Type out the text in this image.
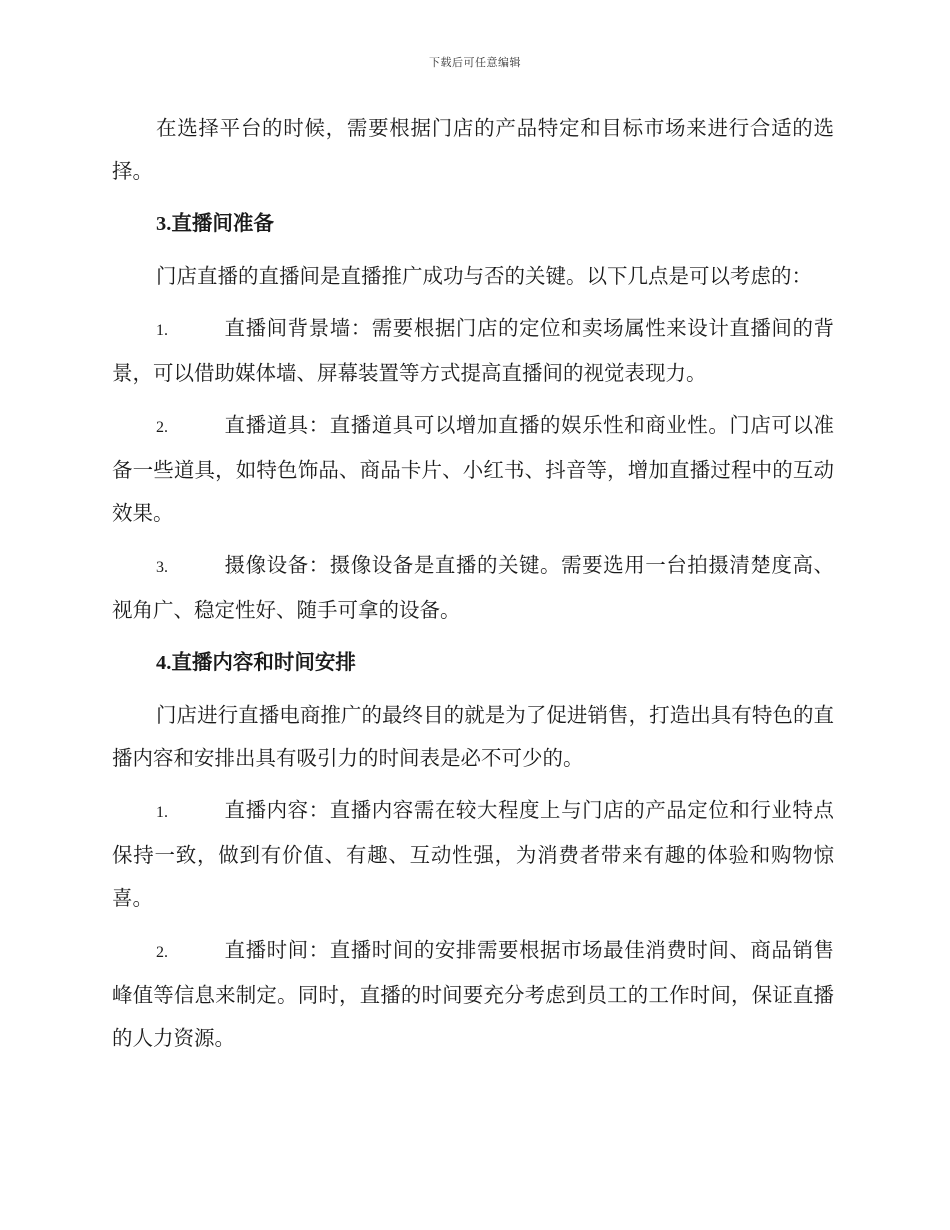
下载后可任意编辑

在选择平台的时候，需要根据门店的产品特定和目标市场来进行合适的选择。

3.直播间准备

门店直播的直播间是直播推广成功与否的关键。以下几点是可以考虑的：

1.	直播间背景墙：需要根据门店的定位和卖场属性来设计直播间的背景，可以借助媒体墙、屏幕装置等方式提高直播间的视觉表现力。
2.	直播道具：直播道具可以增加直播的娱乐性和商业性。门店可以准备一些道具，如特色饰品、商品卡片、小红书、抖音等，增加直播过程中的互动效果。
3.	摄像设备：摄像设备是直播的关键。需要选用一台拍摄清楚度高、视角广、稳定性好、随手可拿的设备。
4.直播内容和时间安排

门店进行直播电商推广的最终目的就是为了促进销售，打造出具有特色的直播内容和安排出具有吸引力的时间表是必不可少的。

1.	直播内容：直播内容需在较大程度上与门店的产品定位和行业特点保持一致，做到有价值、有趣、互动性强，为消费者带来有趣的体验和购物惊喜。
2.	直播时间：直播时间的安排需要根据市场最佳消费时间、商品销售峰值等信息来制定。同时，直播的时间要充分考虑到员工的工作时间，保证直播的人力资源。
